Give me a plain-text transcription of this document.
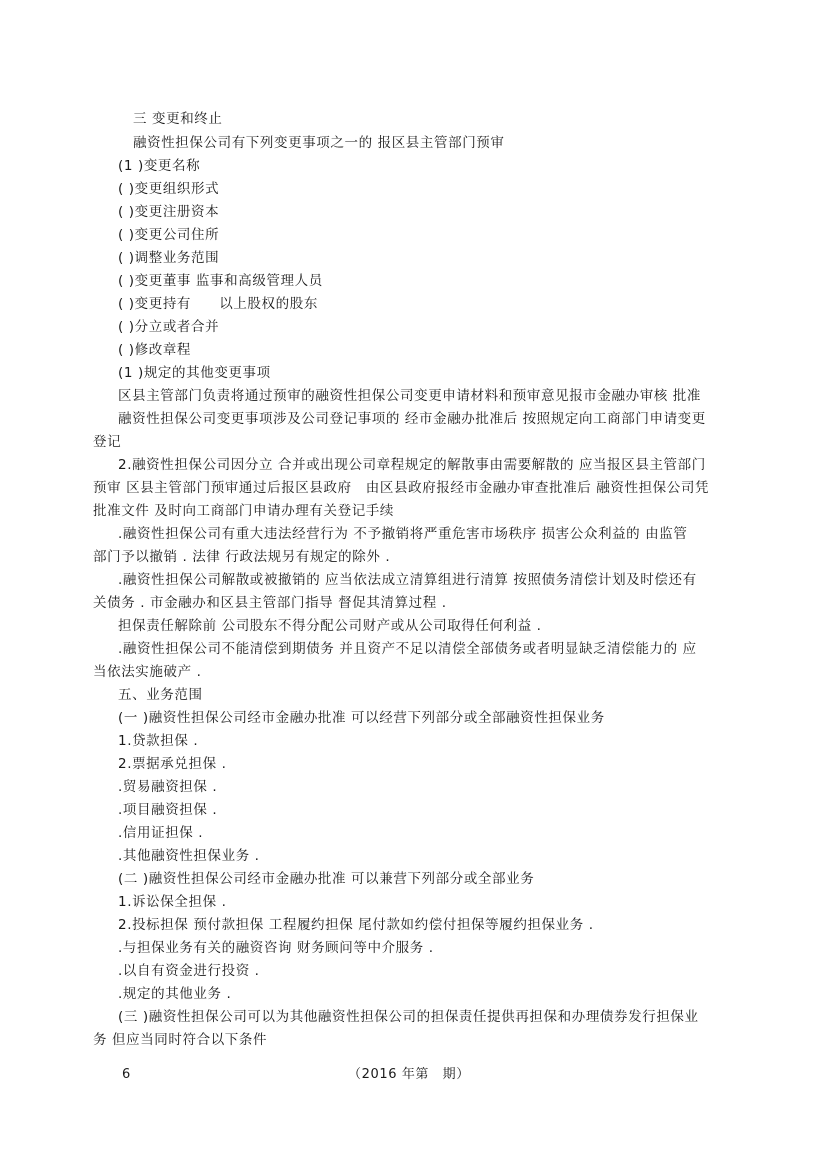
三 变更和终止
融资性担保公司有下列变更事项之一的 报区县主管部门预审
(1 )变更名称
( )变更组织形式
( )变更注册资本
( )变更公司住所
( )调整业务范围
( )变更董事 监事和高级管理人员
( )变更持有　　以上股权的股东
( )分立或者合并
( )修改章程
(1 )规定的其他变更事项
区县主管部门负责将通过预审的融资性担保公司变更申请材料和预审意见报市金融办审核 批准
融资性担保公司变更事项涉及公司登记事项的 经市金融办批准后 按照规定向工商部门申请变更
登记
2.融资性担保公司因分立 合并或出现公司章程规定的解散事由需要解散的 应当报区县主管部门
预审 区县主管部门预审通过后报区县政府　由区县政府报经市金融办审查批准后 融资性担保公司凭
批准文件 及时向工商部门申请办理有关登记手续
.融资性担保公司有重大违法经营行为 不予撤销将严重危害市场秩序 损害公众利益的 由监管
部门予以撤销 . 法律 行政法规另有规定的除外 .
.融资性担保公司解散或被撤销的 应当依法成立清算组进行清算 按照债务清偿计划及时偿还有
关债务 . 市金融办和区县主管部门指导 督促其清算过程 .
担保责任解除前 公司股东不得分配公司财产或从公司取得任何利益 .
.融资性担保公司不能清偿到期债务 并且资产不足以清偿全部债务或者明显缺乏清偿能力的 应
当依法实施破产 .
五、业务范围
(一 )融资性担保公司经市金融办批准 可以经营下列部分或全部融资性担保业务
1.贷款担保 .
2.票据承兑担保 .
.贸易融资担保 .
.项目融资担保 .
.信用证担保 .
.其他融资性担保业务 .
(二 )融资性担保公司经市金融办批准 可以兼营下列部分或全部业务
1.诉讼保全担保 .
2.投标担保 预付款担保 工程履约担保 尾付款如约偿付担保等履约担保业务 .
.与担保业务有关的融资咨询 财务顾问等中介服务 .
.以自有资金进行投资 .
.规定的其他业务 .
(三 )融资性担保公司可以为其他融资性担保公司的担保责任提供再担保和办理债券发行担保业
务 但应当同时符合以下条件
6	（2016 年第　期）
